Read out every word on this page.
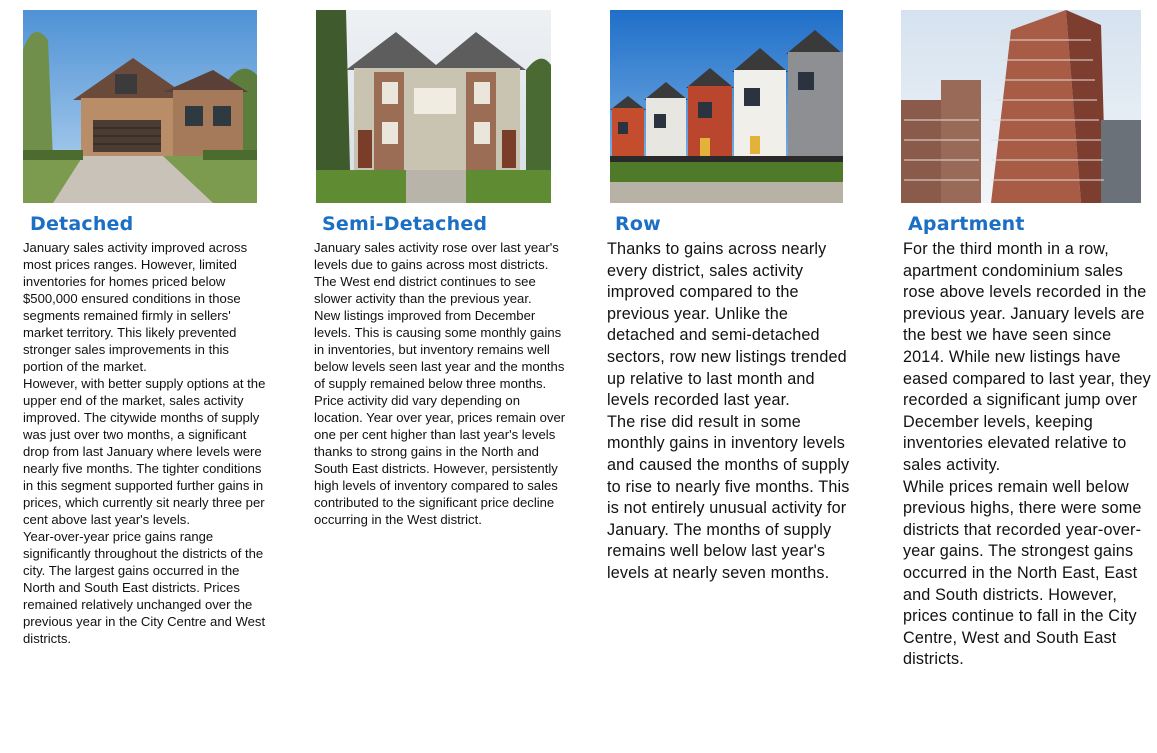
Detached

January sales activity improved across most prices ranges. However, limited inventories for homes priced below $500,000 ensured conditions in those segments remained firmly in sellers' market territory. This likely prevented stronger sales improvements in this portion of the market.

However, with better supply options at the upper end of the market, sales activity improved. The citywide months of supply was just over two months, a significant drop from last January where levels were nearly five months. The tighter conditions in this segment supported further gains in prices, which currently sit nearly three per cent above last year's levels.

Year-over-year price gains range significantly throughout the districts of the city. The largest gains occurred in the North and South East districts. Prices remained relatively unchanged over the previous year in the City Centre and West districts.

Semi-Detached

January sales activity rose over last year's levels due to gains across most districts. The West end district continues to see slower activity than the previous year.

New listings improved from December levels. This is causing some monthly gains in inventories, but inventory remains well below levels seen last year and the months of supply remained below three months.

Price activity did vary depending on location. Year over year, prices remain over one per cent higher than last year's levels thanks to strong gains in the North and South East districts. However, persistently high levels of inventory compared to sales contributed to the significant price decline occurring in the West district.

Row

Thanks to gains across nearly every district, sales activity improved compared to the previous year. Unlike the detached and semi-detached sectors, row new listings trended up relative to last month and levels recorded last year.

The rise did result in some monthly gains in inventory levels and caused the months of supply to rise to nearly five months. This is not entirely unusual activity for January. The months of supply remains well below last year's levels at nearly seven months.

Apartment

For the third month in a row, apartment condominium sales rose above levels recorded in the previous year. January levels are the best we have seen since 2014. While new listings have eased compared to last year, they recorded a significant jump over December levels, keeping inventories elevated relative to sales activity.

While prices remain well below previous highs, there were some districts that recorded year-over-year gains. The strongest gains occurred in the North East, East and South districts. However, prices continue to fall in the City Centre, West and South East districts.
